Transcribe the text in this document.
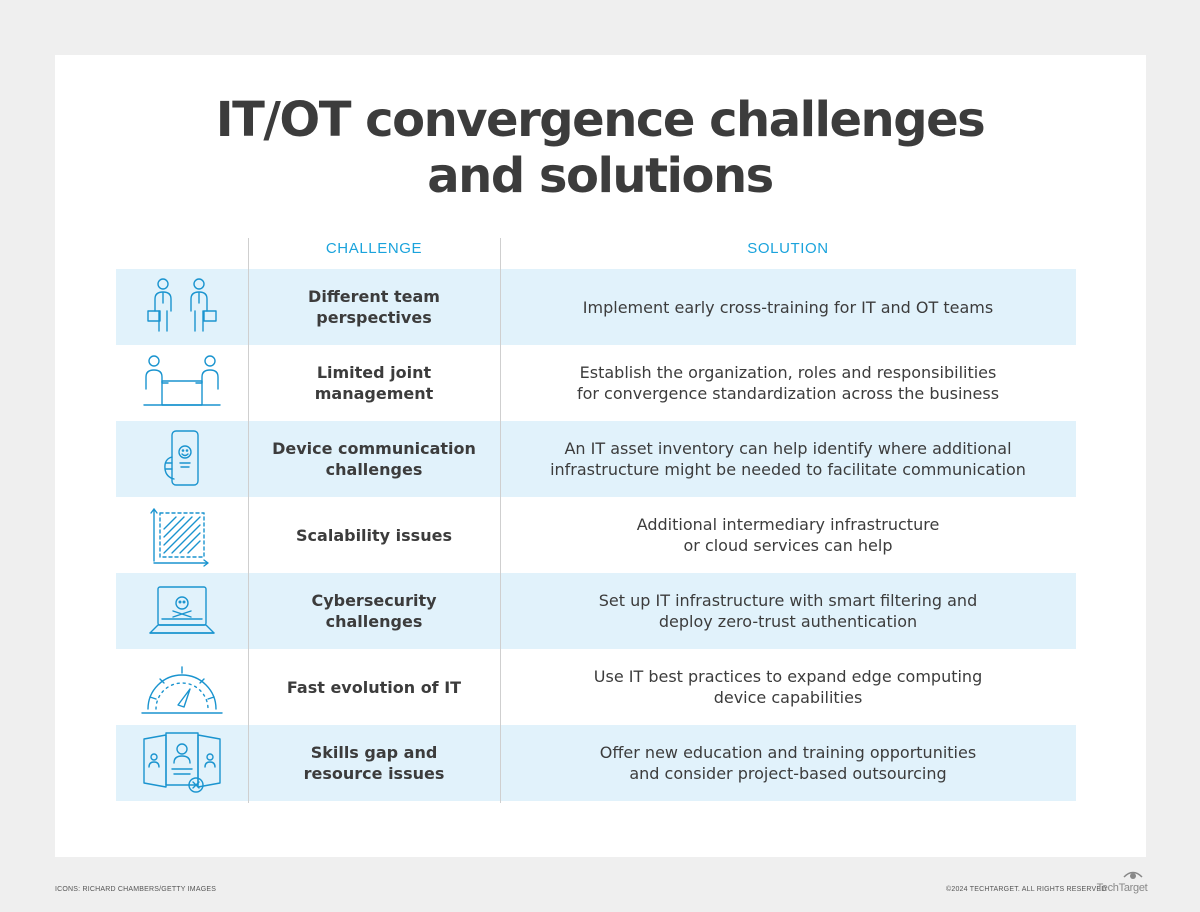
IT/OT convergence challenges
and solutions
CHALLENGE	SOLUTION
Different team
perspectives
Implement early cross-training for IT and OT teams
Limited joint
management
Establish the organization, roles and responsibilities
for convergence standardization across the business
Device communication
challenges
An IT asset inventory can help identify where additional
infrastructure might be needed to facilitate communication
Scalability issues
Additional intermediary infrastructure
or cloud services can help
Cybersecurity
challenges
Set up IT infrastructure with smart filtering and
deploy zero-trust authentication
Fast evolution of IT
Use IT best practices to expand edge computing
device capabilities
Skills gap and
resource issues
Offer new education and training opportunities
and consider project-based outsourcing
ICONS: RICHARD CHAMBERS/GETTY IMAGES	©2024 TECHTARGET. ALL RIGHTS RESERVED
TechTarget
